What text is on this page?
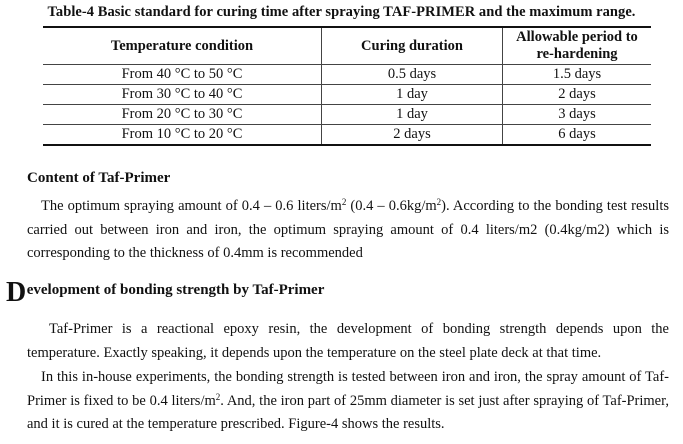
Table-4 Basic standard for curing time after spraying TAF-PRIMER and the maximum range.
Temperature condition	Curing duration	Allowable period to
re-hardening
From 40 °C to 50 °C	0.5 days	1.5 days
From 30 °C to 40 °C	1 day	2 days
From 20 °C to 30 °C	1 day	3 days
From 10 °C to 20 °C	2 days	6 days
Content of Taf-Primer
The optimum spraying amount of 0.4 – 0.6 liters/$m^2$ $(0.4 - 0.6kg/m^2)$. According to the bonding test results carried out between iron and iron, the optimum spraying amount of 0.4 liters/m2 (0.4kg/m2) which is corresponding to the thickness of 0.4mm is recommended
Development of bonding strength by Taf-Primer
Taf-Primer is a reactional epoxy resin, the development of bonding strength depends upon the temperature. Exactly speaking, it depends upon the temperature on the steel plate deck at that time.
In this in-house experiments, the bonding strength is tested between iron and iron, the spray amount of Taf-Primer is fixed to be 0.4 liters/$m^2$. And, the iron part of 25mm diameter is set just after spraying of Taf-Primer, and it is cured at the temperature prescribed. Figure-4 shows the results.
